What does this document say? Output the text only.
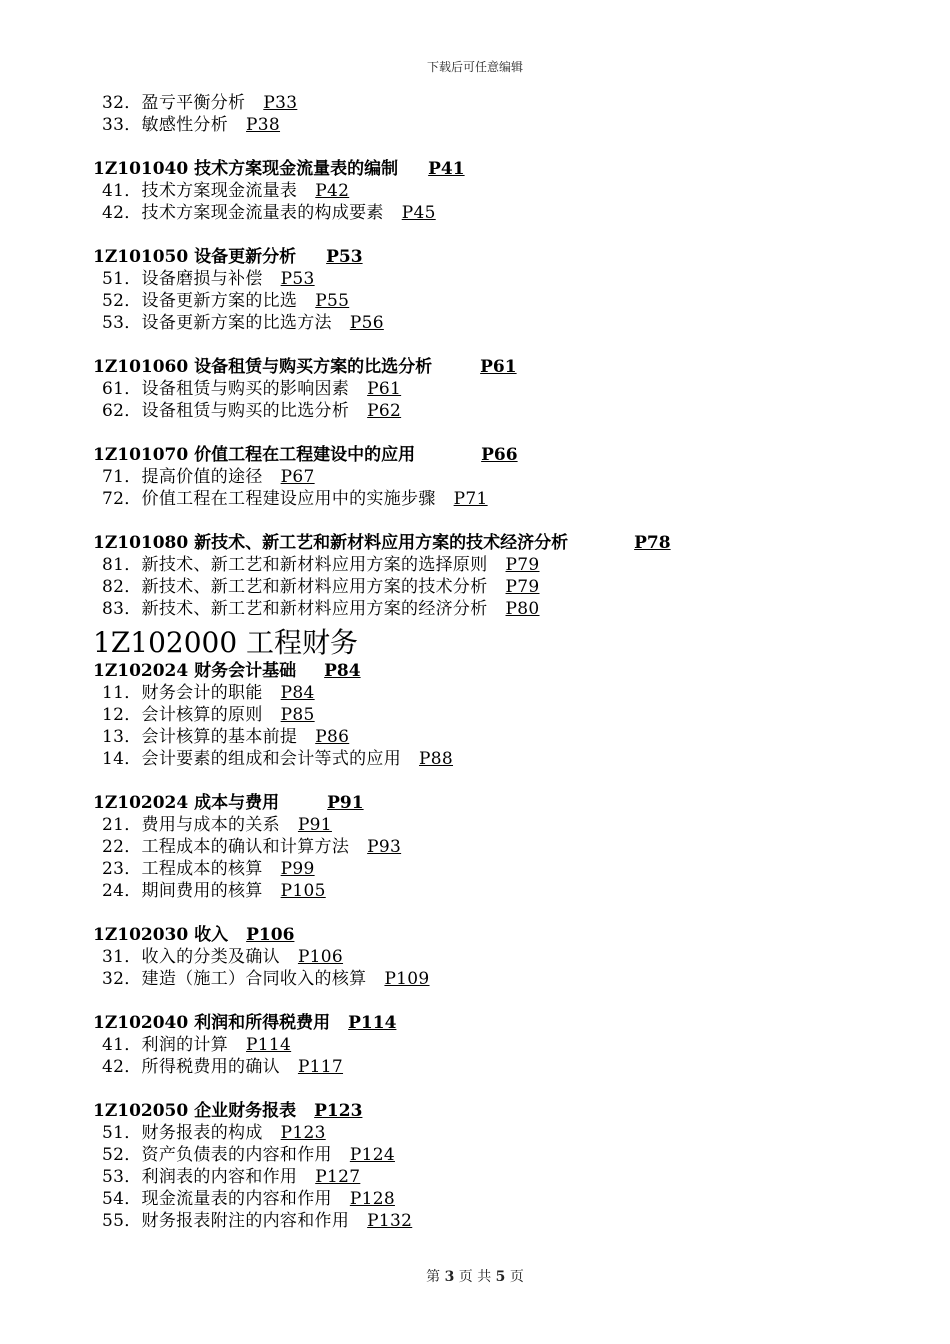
下载后可任意编辑
32．盈亏平衡分析 P33
33．敏感性分析 P38
1Z101040 技术方案现金流量表的编制 P41
41．技术方案现金流量表 P42
42．技术方案现金流量表的构成要素 P45
1Z101050 设备更新分析 P53
51．设备磨损与补偿 P53
52．设备更新方案的比选 P55
53．设备更新方案的比选方法 P56
1Z101060 设备租赁与购买方案的比选分析	P61
61．设备租赁与购买的影响因素 P61
62．设备租赁与购买的比选分析 P62
1Z101070 价值工程在工程建设中的应用	P66
71．提高价值的途径 P67
72．价值工程在工程建设应用中的实施步骤 P71
1Z101080 新技术、新工艺和新材料应用方案的技术经济分析	P78
81．新技术、新工艺和新材料应用方案的选择原则 P79
82．新技术、新工艺和新材料应用方案的技术分析 P79
83．新技术、新工艺和新材料应用方案的经济分析 P80
1Z102000 工程财务
1Z102024 财务会计基础 P84
11．财务会计的职能 P84
12．会计核算的原则 P85
13．会计核算的基本前提 P86
14．会计要素的组成和会计等式的应用 P88
1Z102024 成本与费用	P91
21．费用与成本的关系 P91
22．工程成本的确认和计算方法 P93
23．工程成本的核算 P99
24．期间费用的核算 P105
1Z102030 收入 P106
31．收入的分类及确认 P106
32．建造（施工）合同收入的核算 P109
1Z102040 利润和所得税费用 P114
41．利润的计算 P114
42．所得税费用的确认 P117
1Z102050 企业财务报表 P123
51．财务报表的构成 P123
52．资产负债表的内容和作用 P124
53．利润表的内容和作用 P127
54．现金流量表的内容和作用 P128
55．财务报表附注的内容和作用 P132
第 3 页 共 5 页
